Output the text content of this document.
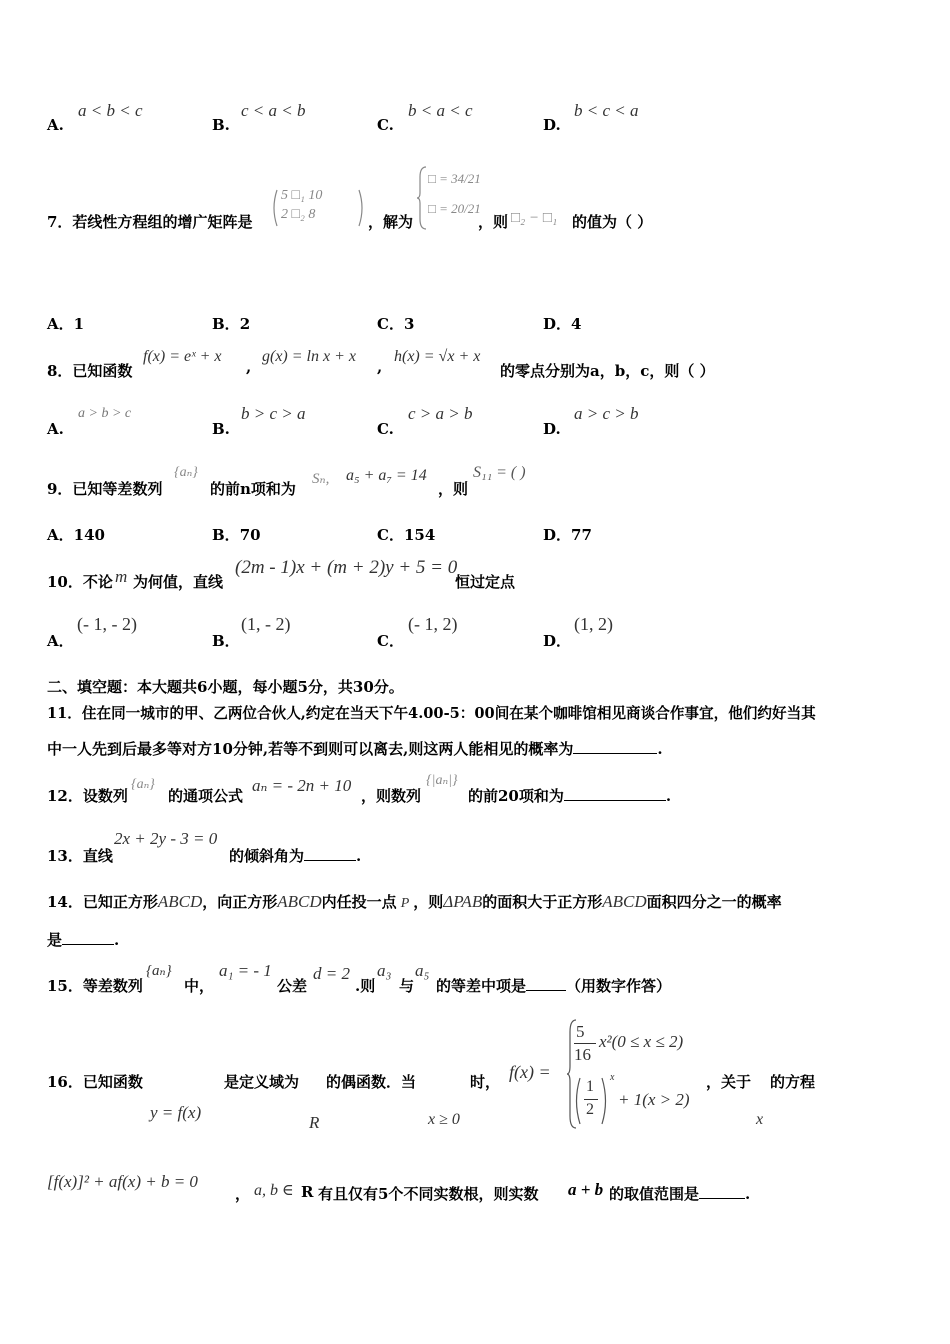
A.
a < b < c
B.
c < a < b
C.
b < a < c
D.
b < c < a
7．若线性方程组的增广矩阵是
5 □₁ 10
2 □₂ 8	，解为
□ = 34/21
□ = 20/21
，则 □₂ − □₁ 的值为（ ）
A．1	B．2	C．3	D．4
8．已知函数
f(x) = eˣ + x
,
g(x) = ln x + x
,
h(x) = √x + x
的零点分别为a，b，c，则（ ）
A.
a > b > c
B.
b > c > a
C.
c > a > b
D.
a > c > b
9．已知等差数列
{aₙ}
的前n项和为
Sₙ, a₅ + a₇ = 14
，则
S₁₁ = ( )
A．140	B．70	C．154	D．77
10．不论 m 为何值，直线
(2m - 1)x + (m + 2)y + 5 = 0
恒过定点
A．
(- 1, - 2)
B．
(1, - 2)
C．
(- 1, 2)
D．
(1, 2)
二、填空题：本大题共6小题，每小题5分，共30分。
11．住在同一城市的甲、乙两位合伙人,约定在当天下午4.00-5：00间在某个咖啡馆相见商谈合作事宜，他们约好当其
中一人先到后最多等对方10分钟,若等不到则可以离去,则这两人能相见的概率为	.
12．设数列
{aₙ}
的通项公式
aₙ = - 2n + 10
，则数列
{|aₙ|}
的前20项和为	.
13．直线
2x + 2y - 3 = 0
的倾斜角为	.
14．已知正方形ABCD，向正方形ABCD内任投一点 P ，则ΔPAB的面积大于正方形ABCD面积四分之一的概率
是	.
15．等差数列
{aₙ}
中，
a₁ = - 1
公差
d = 2
.则
a₃
与
a₅
的等差中项是	（用数字作答）
16．已知函数
y = f(x)
是定义域为
R
的偶函数．当
x ≥ 0
时， f(x) =
5
16
x²(0 ≤ x ≤ 2)
1
2
x
+ 1(x > 2)
，关于
x
的方程
[f(x)]² + af(x) + b = 0
， a, b ∈ R 有且仅有5个不同实数根，则实数 a + b 的取值范围是	.
